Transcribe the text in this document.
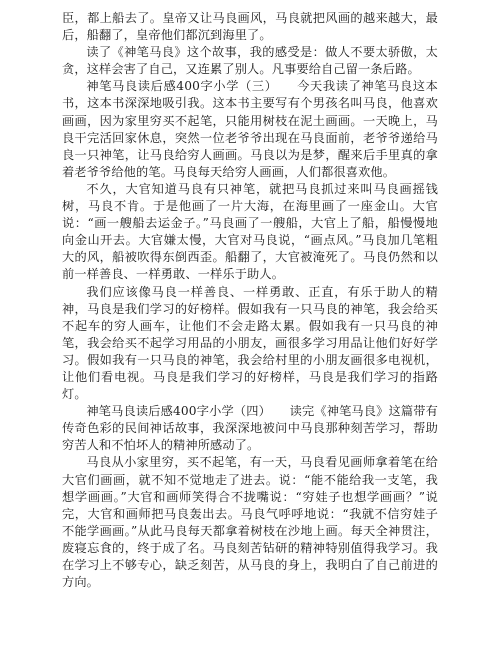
臣，都上船去了。皇帝又让马良画风，马良就把风画的越来越大，最后，船翻了，皇帝他们都沉到海里了。

读了《神笔马良》这个故事，我的感受是：做人不要太骄傲，太贪，这样会害了自己，又连累了别人。凡事要给自己留一条后路。

神笔马良读后感400字小学（三）　　今天我读了神笔马良这本书，这本书深深地吸引我。这本书主要写有个男孩名叫马良，他喜欢画画，因为家里穷买不起笔，只能用树枝在泥土画画。一天晚上，马良干完活回家休息，突然一位老爷爷出现在马良面前，老爷爷递给马良一只神笔，让马良给穷人画画。马良以为是梦，醒来后手里真的拿着老爷爷给他的笔。马良每天给穷人画画，人们都很喜欢他。

不久，大官知道马良有只神笔，就把马良抓过来叫马良画摇钱树，马良不肯。于是他画了一片大海，在海里画了一座金山。大官说：“画一艘船去运金子。”马良画了一艘船，大官上了船，船慢慢地向金山开去。大官嫌太慢，大官对马良说，“画点风。”马良加几笔粗大的风，船被吹得东倒西歪。船翻了，大官被淹死了。马良仍然和以前一样善良、一样勇敢、一样乐于助人。

我们应该像马良一样善良、一样勇敢、正直，有乐于助人的精神，马良是我们学习的好榜样。假如我有一只马良的神笔，我会给买不起车的穷人画车，让他们不会走路太累。假如我有一只马良的神笔，我会给买不起学习用品的小朋友，画很多学习用品让他们好好学习。假如我有一只马良的神笔，我会给村里的小朋友画很多电视机，让他们看电视。马良是我们学习的好榜样，马良是我们学习的指路灯。

神笔马良读后感400字小学（四）　　读完《神笔马良》这篇带有传奇色彩的民间神话故事，我深深地被问中马良那种刻苦学习，帮助穷苦人和不怕坏人的精神所感动了。

马良从小家里穷，买不起笔，有一天，马良看见画师拿着笔在给大官们画画，就不知不觉地走了进去。说：“能不能给我一支笔，我想学画画。”大官和画师笑得合不拢嘴说：“穷娃子也想学画画？”说完，大官和画师把马良轰出去。马良气呼呼地说：“我就不信穷娃子不能学画画。”从此马良每天都拿着树枝在沙地上画。每天全神贯注，废寝忘食的，终于成了名。马良刻苦钻研的精神特别值得我学习。我在学习上不够专心，缺乏刻苦，从马良的身上，我明白了自己前进的方向。
